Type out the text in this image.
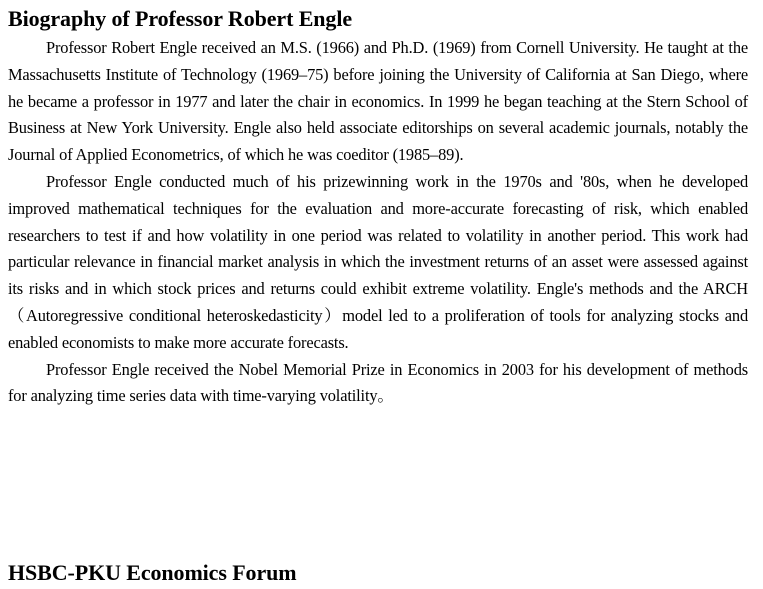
Biography of Professor Robert Engle

Professor Robert Engle received an M.S. (1966) and Ph.D. (1969) from Cornell University. He taught at the Massachusetts Institute of Technology (1969–75) before joining the University of California at San Diego, where he became a professor in 1977 and later the chair in economics. In 1999 he began teaching at the Stern School of Business at New York University. Engle also held associate editorships on several academic journals, notably the Journal of Applied Econometrics, of which he was coeditor (1985–89).

Professor Engle conducted much of his prizewinning work in the 1970s and '80s, when he developed improved mathematical techniques for the evaluation and more-accurate forecasting of risk, which enabled researchers to test if and how volatility in one period was related to volatility in another period. This work had particular relevance in financial market analysis in which the investment returns of an asset were assessed against its risks and in which stock prices and returns could exhibit extreme volatility. Engle's methods and the ARCH（Autoregressive conditional heteroskedasticity）model led to a proliferation of tools for analyzing stocks and enabled economists to make more accurate forecasts.

Professor Engle received the Nobel Memorial Prize in Economics in 2003 for his development of methods for analyzing time series data with time-varying volatility。

HSBC-PKU Economics Forum
